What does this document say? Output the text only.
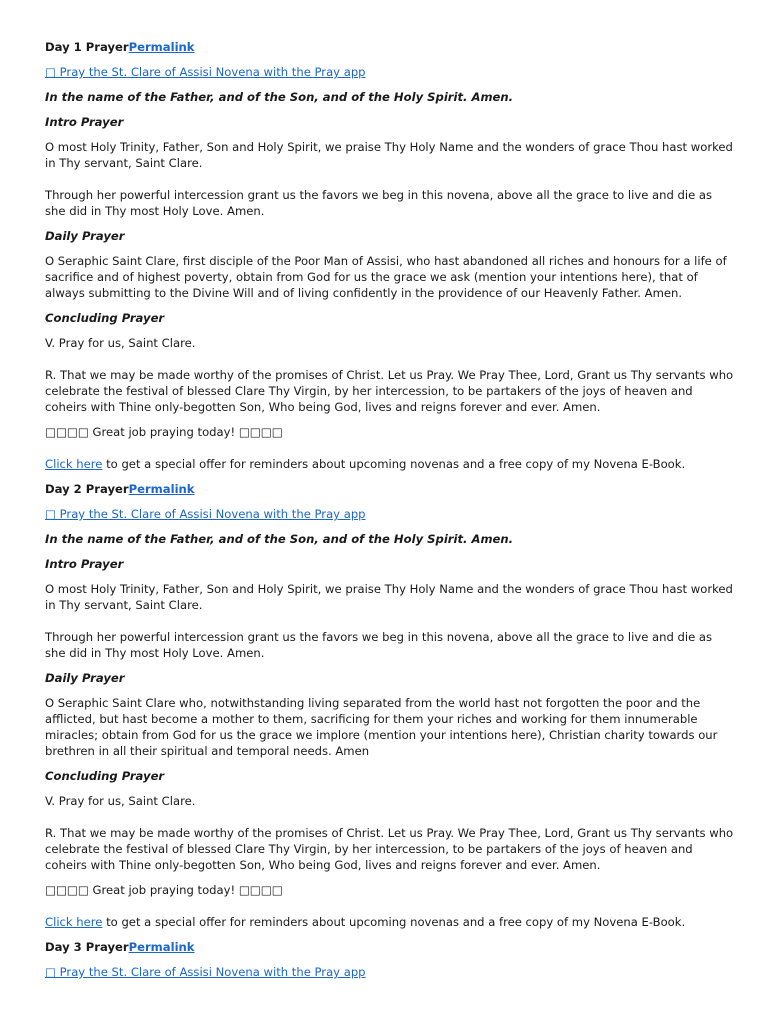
Day 1 PrayerPermalink

□ Pray the St. Clare of Assisi Novena with the Pray app

In the name of the Father, and of the Son, and of the Holy Spirit. Amen.

Intro Prayer

O most Holy Trinity, Father, Son and Holy Spirit, we praise Thy Holy Name and the wonders of grace Thou hast worked in Thy servant, Saint Clare.

Through her powerful intercession grant us the favors we beg in this novena, above all the grace to live and die as she did in Thy most Holy Love. Amen.

Daily Prayer

O Seraphic Saint Clare, first disciple of the Poor Man of Assisi, who hast abandoned all riches and honours for a life of sacrifice and of highest poverty, obtain from God for us the grace we ask (mention your intentions here), that of always submitting to the Divine Will and of living confidently in the providence of our Heavenly Father. Amen.

Concluding Prayer

V. Pray for us, Saint Clare.

R. That we may be made worthy of the promises of Christ. Let us Pray. We Pray Thee, Lord, Grant us Thy servants who celebrate the festival of blessed Clare Thy Virgin, by her intercession, to be partakers of the joys of heaven and coheirs with Thine only-begotten Son, Who being God, lives and reigns forever and ever. Amen.

□□□□ Great job praying today! □□□□

Click here to get a special offer for reminders about upcoming novenas and a free copy of my Novena E-Book.

Day 2 PrayerPermalink

□ Pray the St. Clare of Assisi Novena with the Pray app

In the name of the Father, and of the Son, and of the Holy Spirit. Amen.

Intro Prayer

O most Holy Trinity, Father, Son and Holy Spirit, we praise Thy Holy Name and the wonders of grace Thou hast worked in Thy servant, Saint Clare.

Through her powerful intercession grant us the favors we beg in this novena, above all the grace to live and die as she did in Thy most Holy Love. Amen.

Daily Prayer

O Seraphic Saint Clare who, notwithstanding living separated from the world hast not forgotten the poor and the afflicted, but hast become a mother to them, sacrificing for them your riches and working for them innumerable miracles; obtain from God for us the grace we implore (mention your intentions here), Christian charity towards our brethren in all their spiritual and temporal needs. Amen

Concluding Prayer

V. Pray for us, Saint Clare.

R. That we may be made worthy of the promises of Christ. Let us Pray. We Pray Thee, Lord, Grant us Thy servants who celebrate the festival of blessed Clare Thy Virgin, by her intercession, to be partakers of the joys of heaven and coheirs with Thine only-begotten Son, Who being God, lives and reigns forever and ever. Amen.

□□□□ Great job praying today! □□□□

Click here to get a special offer for reminders about upcoming novenas and a free copy of my Novena E-Book.

Day 3 PrayerPermalink

□ Pray the St. Clare of Assisi Novena with the Pray app
